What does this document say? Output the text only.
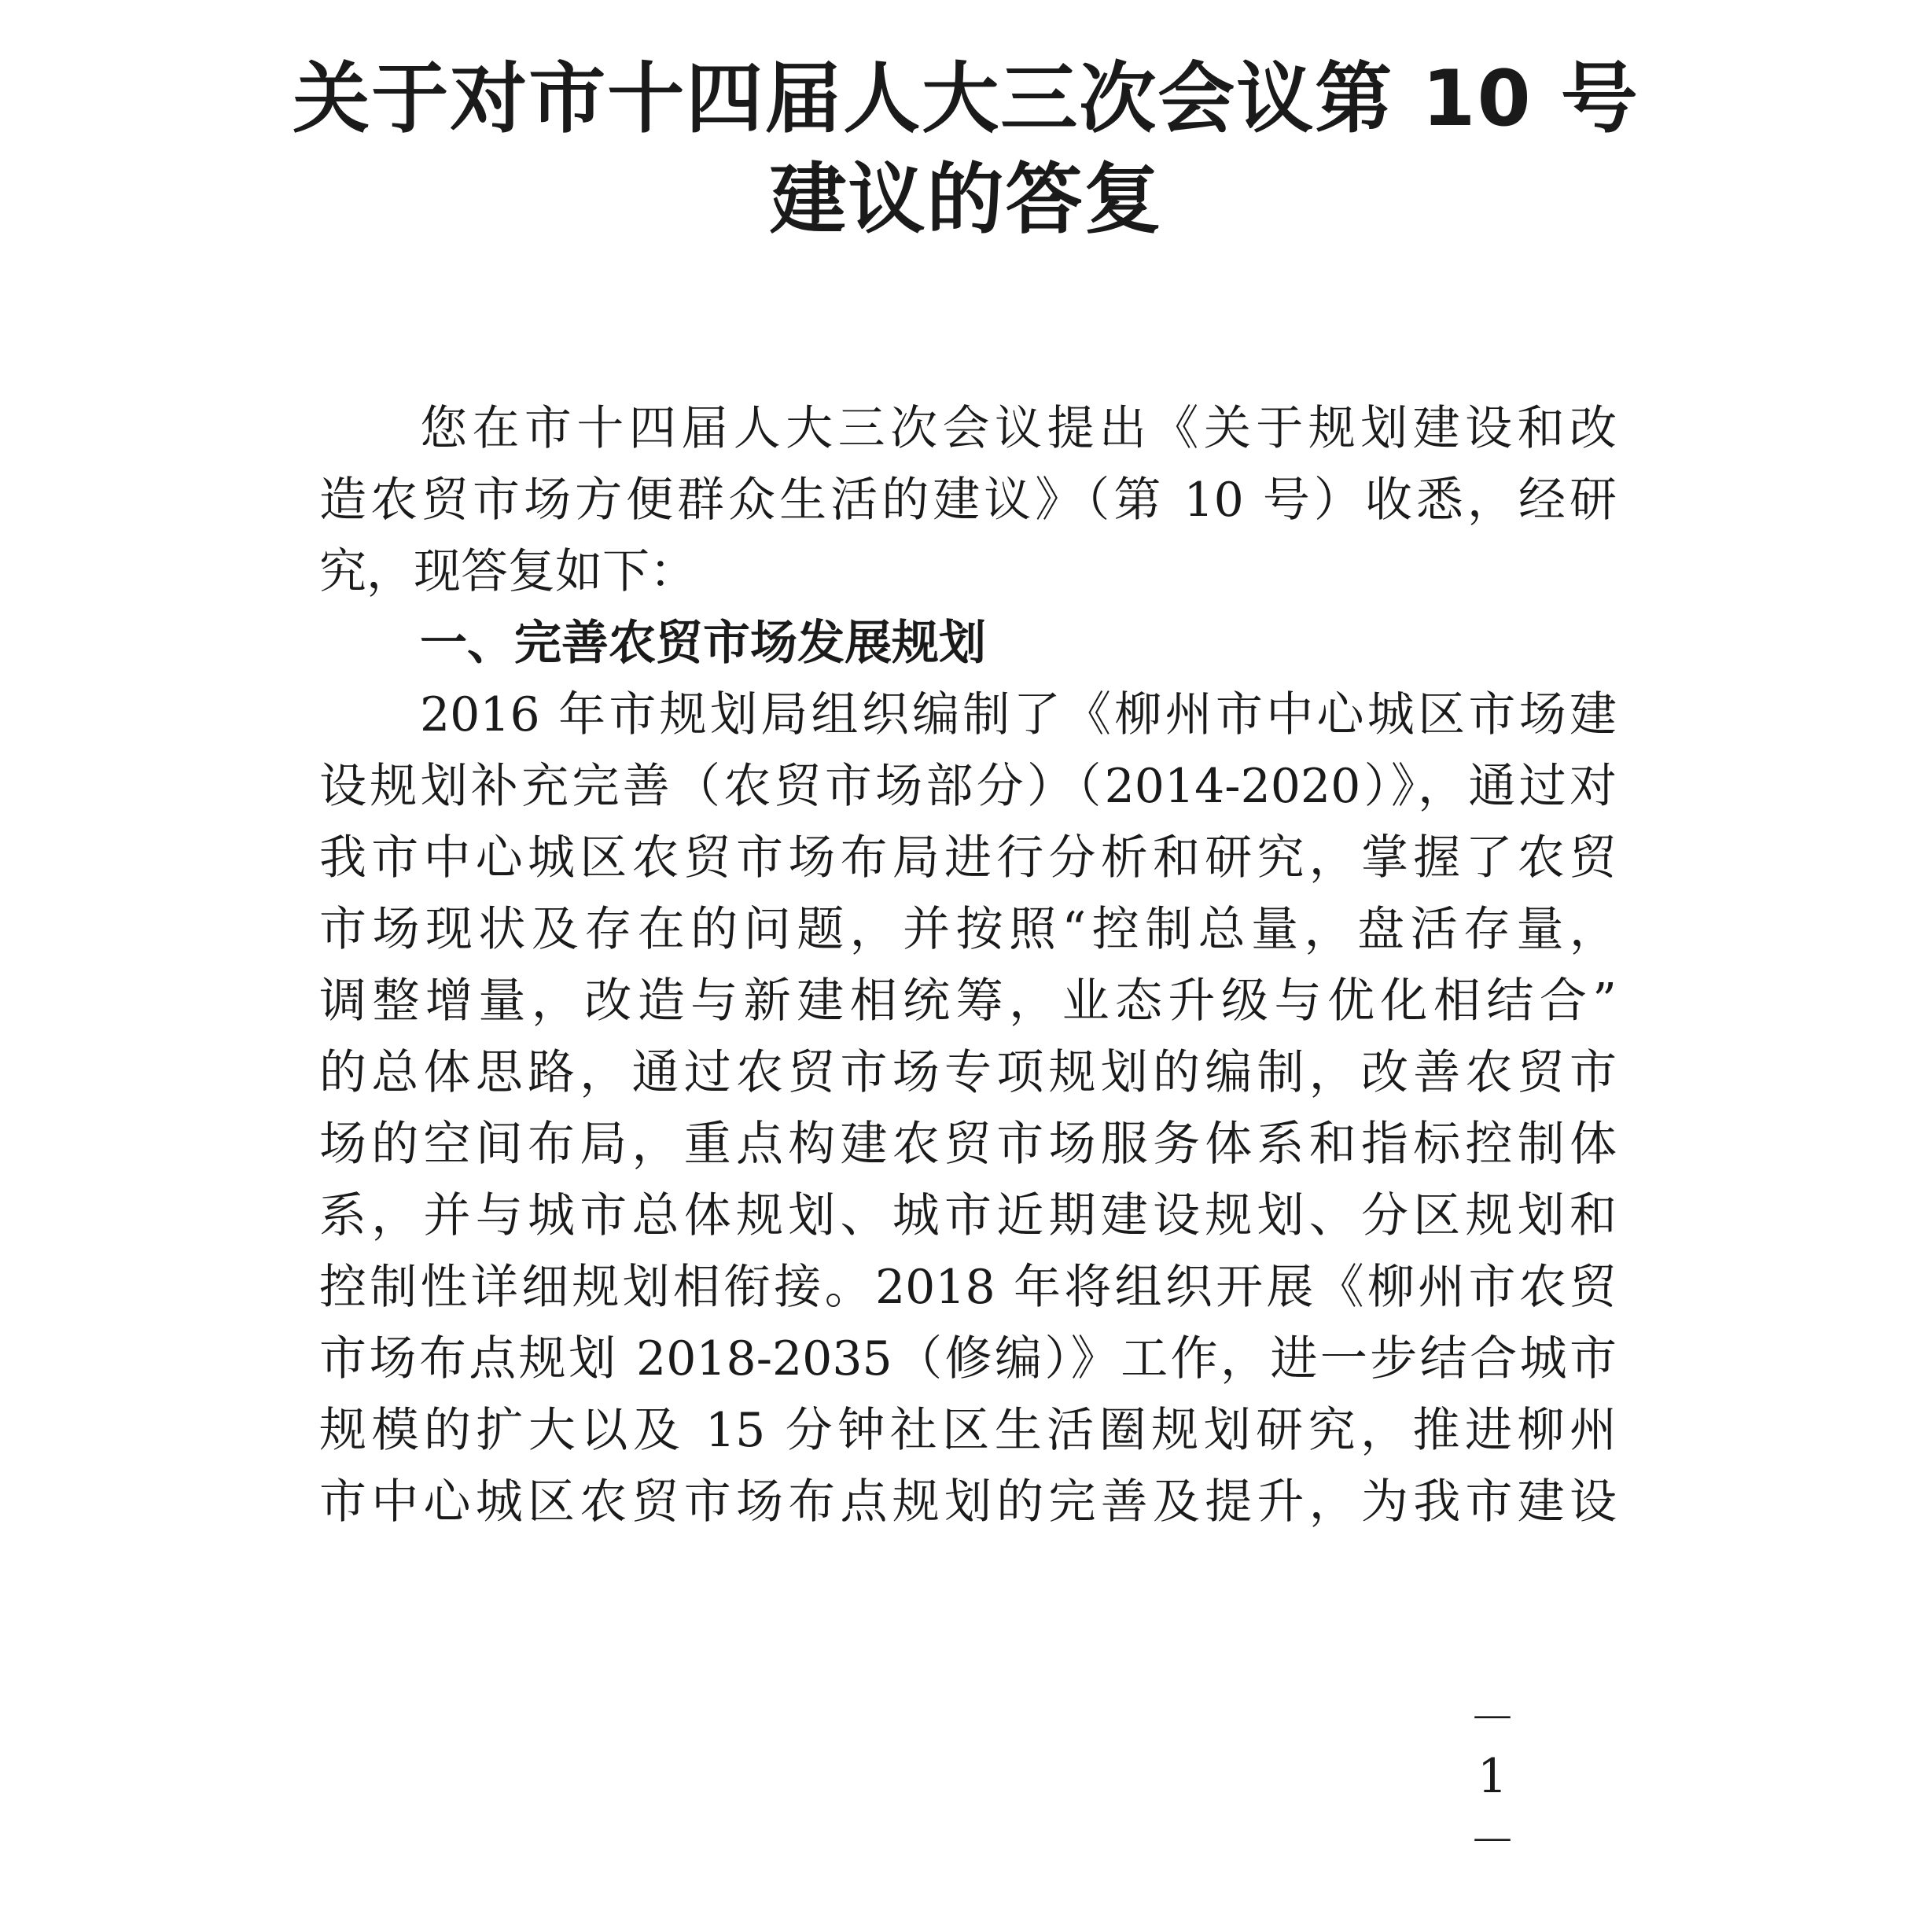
关于对市十四届人大三次会议第 10 号
建议的答复
您在市十四届人大三次会议提出《关于规划建设和改
造农贸市场方便群众生活的建议》（第 10 号）收悉，经研
究，现答复如下：
一、完善农贸市场发展规划
2016 年市规划局组织编制了《柳州市中心城区市场建
设规划补充完善（农贸市场部分）（2014-2020）》，通过对
我市中心城区农贸市场布局进行分析和研究，掌握了农贸
市场现状及存在的问题，并按照“控制总量，盘活存量，
调整增量，改造与新建相统筹，业态升级与优化相结合”
的总体思路，通过农贸市场专项规划的编制，改善农贸市
场的空间布局，重点构建农贸市场服务体系和指标控制体
系，并与城市总体规划、城市近期建设规划、分区规划和
控制性详细规划相衔接。2018 年将组织开展《柳州市农贸
市场布点规划 2018-2035（修编）》工作，进一步结合城市
规模的扩大以及 15 分钟社区生活圈规划研究，推进柳州
市中心城区农贸市场布点规划的完善及提升，为我市建设
－ 1 －
